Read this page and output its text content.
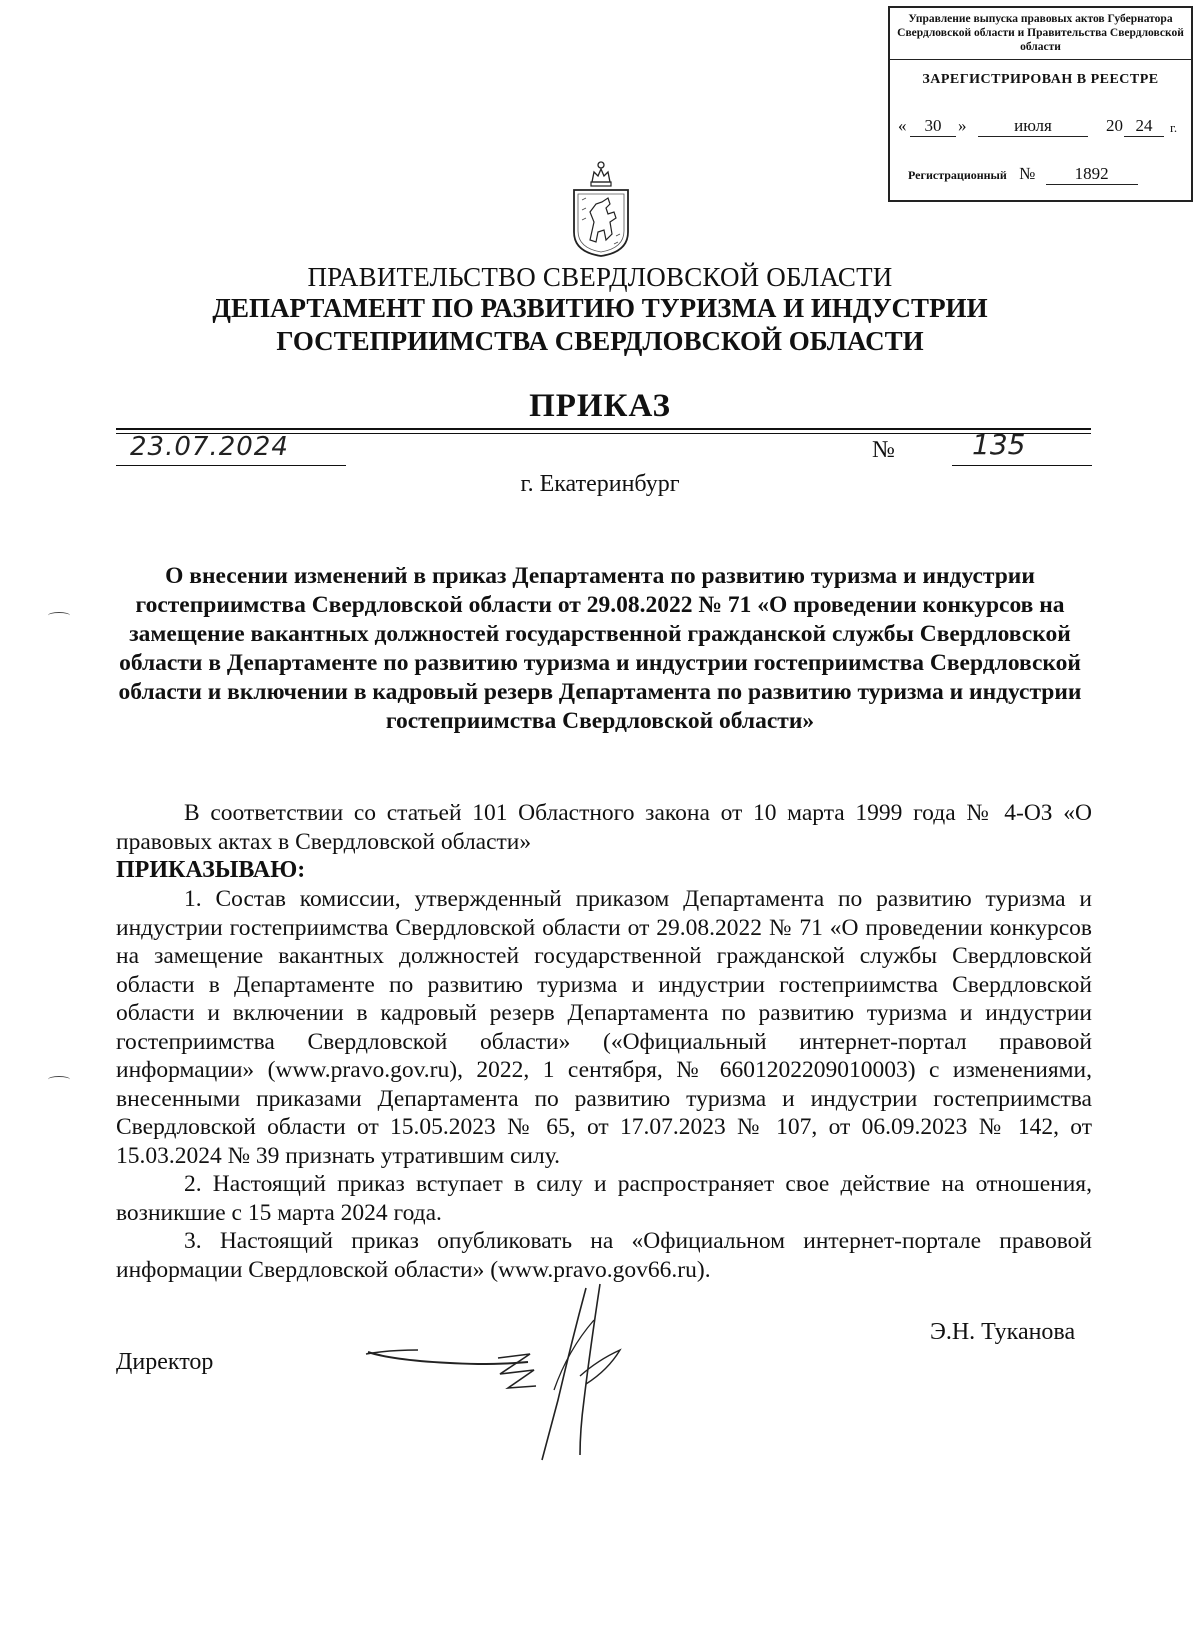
Управление выпуска правовых актов Губернатора Свердловской области и Правительства Свердловской области
ЗАРЕГИСТРИРОВАН В РЕЕСТРЕ
«	30 »	июля	20 24	г.
Регистрационный № 1892
ПРАВИТЕЛЬСТВО СВЕРДЛОВСКОЙ ОБЛАСТИ
ДЕПАРТАМЕНТ ПО РАЗВИТИЮ ТУРИЗМА И ИНДУСТРИИ
ГОСТЕПРИИМСТВА СВЕРДЛОВСКОЙ ОБЛАСТИ
ПРИКАЗ
23.07.2024	№	135
г. Екатеринбург
О внесении изменений в приказ Департамента по развитию туризма и индустрии гостеприимства Свердловской области от 29.08.2022 № 71 «О проведении конкурсов на замещение вакантных должностей государственной гражданской службы Свердловской области в Департаменте по развитию туризма и индустрии гостеприимства Свердловской области и включении в кадровый резерв Департамента по развитию туризма и индустрии гостеприимства Свердловской области»

В соответствии со статьей 101 Областного закона от 10 марта 1999 года № 4-ОЗ «О правовых актах в Свердловской области»

ПРИКАЗЫВАЮ:

1. Состав комиссии, утвержденный приказом Департамента по развитию туризма и индустрии гостеприимства Свердловской области от 29.08.2022 № 71 «О проведении конкурсов на замещение вакантных должностей государственной гражданской службы Свердловской области в Департаменте по развитию туризма и индустрии гостеприимства Свердловской области и включении в кадровый резерв Департамента по развитию туризма и индустрии гостеприимства Свердловской области» («Официальный интернет-портал правовой информации» (www.pravo.gov.ru), 2022, 1 сентября, № 6601202209010003) с изменениями, внесенными приказами Департамента по развитию туризма и индустрии гостеприимства Свердловской области от 15.05.2023 № 65, от 17.07.2023 № 107, от 06.09.2023 № 142, от 15.03.2024 № 39 признать утратившим силу.

2. Настоящий приказ вступает в силу и распространяет свое действие на отношения, возникшие с 15 марта 2024 года.

3. Настоящий приказ опубликовать на «Официальном интернет-портале правовой информации Свердловской области» (www.pravo.gov66.ru).

Директор
Э.Н. Туканова
